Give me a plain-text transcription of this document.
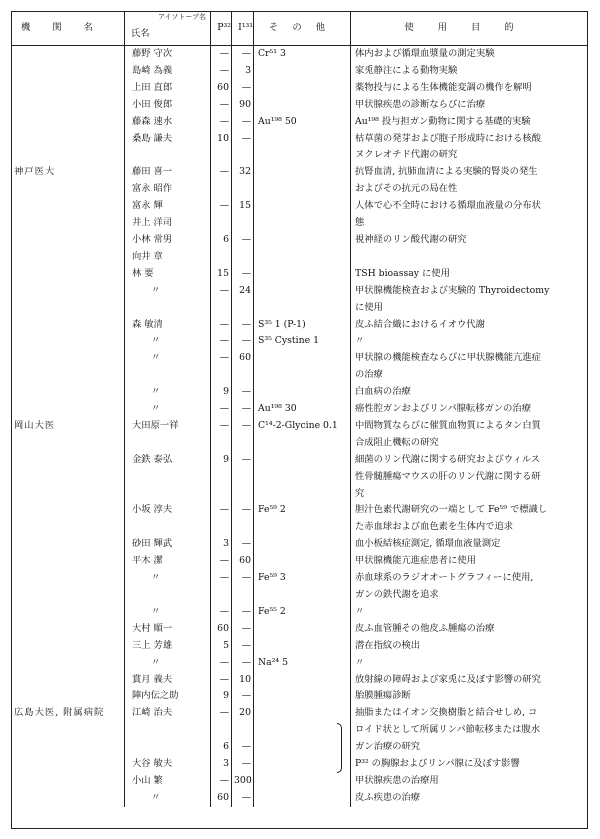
機関名	アイソトープ名
氏名	P³²	I¹³¹	その他	使用目的
	藤野 守次	—	—	Cr⁵¹ 3	体内および循環血漿量の測定実験
	島崎 為義	—	3		家兎静注による動物実験
	上田 直郎	60	—		薬物投与による生体機能変調の機作を解明
	小田 俊郎	—	90		甲状腺疾患の診断ならびに治療
	藤森 速水	—	—	Au¹⁹⁸ 50	Au¹⁹⁸ 投与担ガン動物に関する基礎的実験
	桑島 謙夫	10	—		枯草菌の発芽および胞子形成時における核酸
					ヌクレオチド代謝の研究
神戸医大	藤田 喜一	—	32		抗腎血清, 抗肺血清による実験的腎炎の発生
	富永 昭作				およびその抗元の局在性
	富永 輝	—	15		人体で心不全時における循環血液量の分布状
	井上 洋司				態
	小林 常男	6	—		視神経のリン酸代謝の研究
	向井 章				
	林 要	15	—		TSH bioassay に使用
	〃	—	24		甲状腺機能検査および実験的 Thyroidectomy
					に使用
	森 敏清	—	—	S³⁵ 1 (P-1)	皮ふ結合織におけるイオウ代謝
	〃	—	—	S³⁵ Cystine 1	〃
	〃	—	60		甲状腺の機能検査ならびに甲状腺機能亢進症
					の治療
	〃	9	—		白血病の治療
	〃	—	—	Au¹⁹⁸ 30	癌性腔ガンおよびリンパ腺転移ガンの治療
岡山大医	大田原一祥	—	—	C¹⁴-2-Glycine 0.1	中間物質ならびに催質血物質によるタン白質
					合成阻止機転の研究
	金鉄 泰弘	9	—		細菌のリン代謝に関する研究およびウィルス
					性骨髄腫瘍マウスの肝のリン代謝に関する研
					究
	小坂 淳夫	—	—	Fe⁵⁹ 2	胆汁色素代謝研究の一端として Fe⁵⁹ で標識し
					た赤血球および血色素を生体内で追求
	砂田 輝武	3	—		血小板結核症測定, 循環血液量測定
	平木 潔	—	60		甲状腺機能亢進症患者に使用
	〃	—	—	Fe⁵⁹ 3	赤血球系のラジオオートグラフィーに使用,
					ガンの鉄代謝を追求
	〃	—	—	Fe⁵⁵ 2	〃
	大村 順一	60	—		皮ふ血管腫その他皮ふ腫瘍の治療
	三上 芳雄	5	—		潜在指紋の検出
	〃	—	—	Na²⁴ 5	〃
	賞月 義夫	—	10		放射線の障碍および家兎に及ぼす影響の研究
	陣内伝之助	9	—		胎膜腫瘍診断
広島大医, 附属病院	江崎 治夫	—	20		抽脂またはイオン交換樹脂と結合せしめ, コ
					ロイド状として所属リンパ節転移または腹水
		6	—		ガン治療の研究
	大谷 敏夫	3	—		P³² の胸腺およびリンパ腺に及ぼす影響
	小山 繁	—	300		甲状腺疾患の治療用
	〃	60	—		皮ふ疾患の治療
